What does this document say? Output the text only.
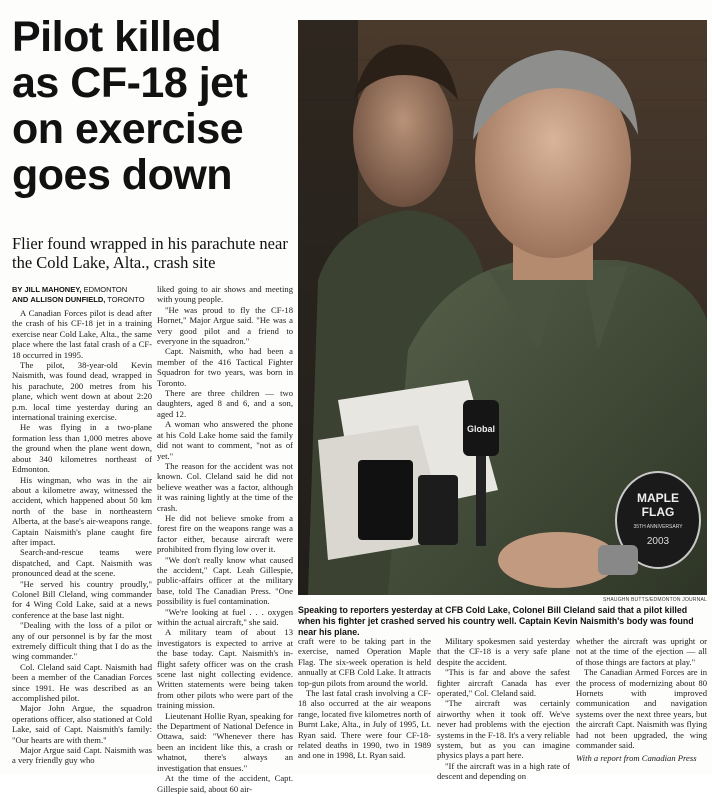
Pilot killed
as CF-18 jet
on exercise
goes down
Flier found wrapped in his parachute near the Cold Lake, Alta., crash site
BY JILL MAHONEY, EDMONTON
AND ALLISON DUNFIELD, TORONTO

A Canadian Forces pilot is dead after the crash of his CF-18 jet in a training exercise near Cold Lake, Alta., the same place where the last fatal crash of a CF-18 occurred in 1995.

The pilot, 38-year-old Kevin Naismith, was found dead, wrapped in his parachute, 200 metres from his plane, which went down at about 2:20 p.m. local time yesterday during an international training exercise.

He was flying in a two-plane formation less than 1,000 metres above the ground when the plane went down, about 340 kilometres northeast of Edmonton.

His wingman, who was in the air about a kilometre away, witnessed the accident, which happened about 50 km north of the base in northeastern Alberta, at the base's air-weapons range. Captain Naismith's plane caught fire after impact.

Search-and-rescue teams were dispatched, and Capt. Naismith was pronounced dead at the scene.

"He served his country proudly," Colonel Bill Cleland, wing commander for 4 Wing Cold Lake, said at a news conference at the base last night.

"Dealing with the loss of a pilot or any of our personnel is by far the most extremely difficult thing that I do as the wing commander."

Col. Cleland said Capt. Naismith had been a member of the Canadian Forces since 1991. He was described as an accomplished pilot.

Major John Argue, the squadron operations officer, also stationed at Cold Lake, said of Capt. Naismith's family: "Our hearts are with them."

Major Argue said Capt. Naismith was a very friendly guy who

liked going to air shows and meeting with young people.

"He was proud to fly the CF-18 Hornet," Major Argue said. "He was a very good pilot and a friend to everyone in the squadron."

Capt. Naismith, who had been a member of the 416 Tactical Fighter Squadron for two years, was born in Toronto.

There are three children — two daughters, aged 8 and 6, and a son, aged 12.

A woman who answered the phone at his Cold Lake home said the family did not want to comment, "not as of yet."

The reason for the accident was not known. Col. Cleland said he did not believe weather was a factor, although it was raining lightly at the time of the crash.

He did not believe smoke from a forest fire on the weapons range was a factor either, because aircraft were prohibited from flying low over it.

"We don't really know what caused the accident," Capt. Leah Gillespie, public-affairs officer at the military base, told The Canadian Press. "One possibility is fuel contamination.

"We're looking at fuel . . . oxygen within the actual aircraft," she said.

A military team of about 13 investigators is expected to arrive at the base today. Capt. Naismith's in-flight safety officer was on the crash scene last night collecting evidence. Written statements were being taken from other pilots who were part of the training mission.

Lieutenant Hollie Ryan, speaking for the Department of National Defence in Ottawa, said: "Whenever there has been an incident like this, a crash or whatnot, there's always an investigation that ensues."

At the time of the accident, Capt. Gillespie said, about 60 air-

MAPLE
FLAG
35TH ANNIVERSARY
2003
Global
SHAUGHN BUTTS/EDMONTON JOURNAL
Speaking to reporters yesterday at CFB Cold Lake, Colonel Bill Cleland said that a pilot killed when his fighter jet crashed served his country well. Captain Kevin Naismith's body was found near his plane.

craft were to be taking part in the exercise, named Operation Maple Flag. The six-week operation is held annually at CFB Cold Lake. It attracts top-gun pilots from around the world.

The last fatal crash involving a CF-18 also occurred at the air weapons range, located five kilometres north of Burnt Lake, Alta., in July of 1995, Lt. Ryan said. There were four CF-18-related deaths in 1990, two in 1989 and one in 1998, Lt. Ryan said.

Military spokesmen said yesterday that the CF-18 is a very safe plane despite the accident.

"This is far and above the safest fighter aircraft Canada has ever operated," Col. Cleland said.

"The aircraft was certainly airworthy when it took off. We've never had problems with the ejection systems in the F-18. It's a very reliable system, but as you can imagine physics plays a part here.

"If the aircraft was in a high rate of descent and depending on

whether the aircraft was upright or not at the time of the ejection — all of those things are factors at play."

The Canadian Armed Forces are in the process of modernizing about 80 Hornets with improved communication and navigation systems over the next three years, but the aircraft Capt. Naismith was flying had not been upgraded, the wing commander said.

With a report from Canadian Press
